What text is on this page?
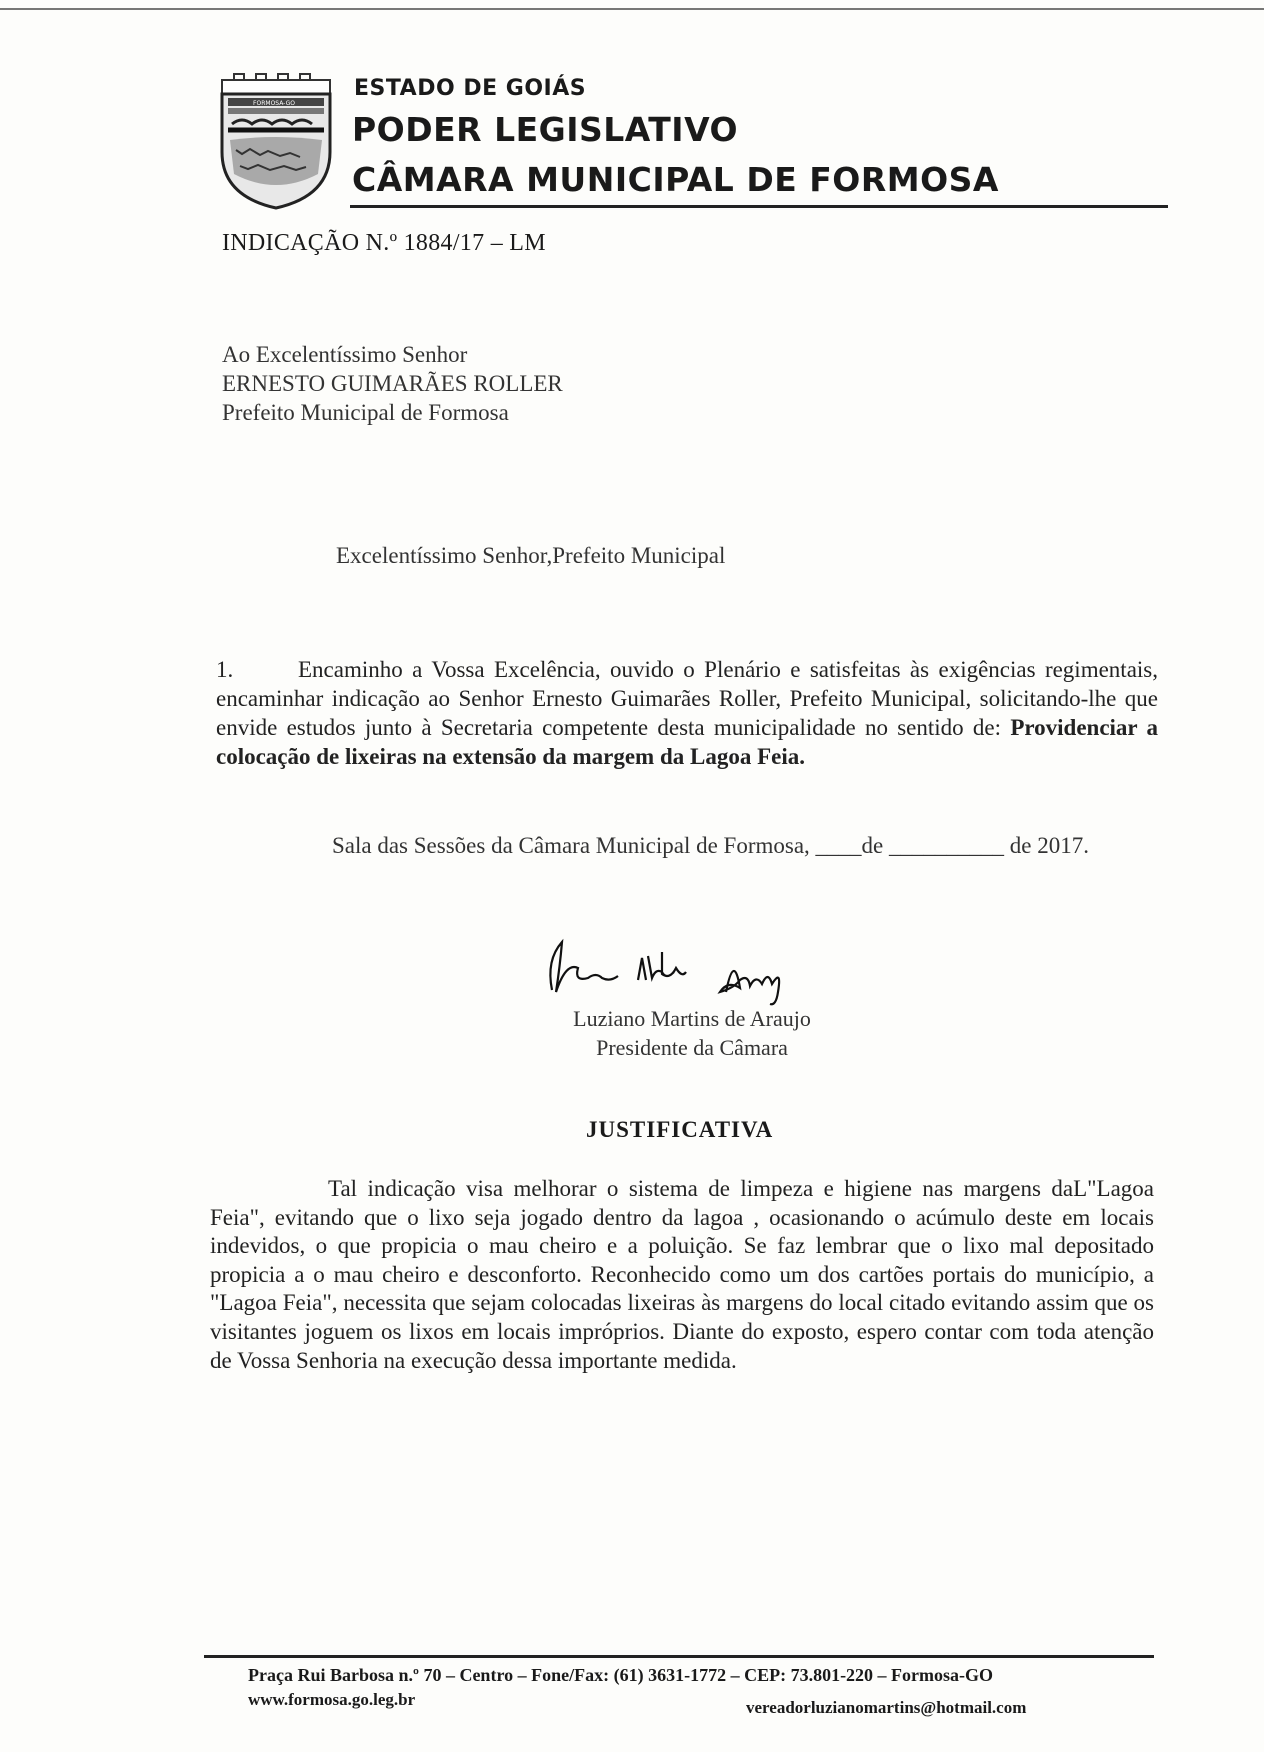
FORMOSA-GO
ESTADO DE GOIÁS
PODER LEGISLATIVO
CÂMARA MUNICIPAL DE FORMOSA
INDICAÇÃO N.º 1884/17 – LM
Ao Excelentíssimo Senhor
ERNESTO GUIMARÃES ROLLER
Prefeito Municipal de Formosa
Excelentíssimo Senhor,Prefeito Municipal
1.	Encaminho a Vossa Excelência, ouvido o Plenário e satisfeitas às exigências regimentais, encaminhar indicação ao Senhor Ernesto Guimarães Roller, Prefeito Municipal, solicitando-lhe que envide estudos junto à Secretaria competente desta municipalidade no sentido de: Providenciar a colocação de lixeiras na extensão da margem da Lagoa Feia.
Sala das Sessões da Câmara Municipal de Formosa, ____de __________ de 2017.
Luziano Martins de Araujo
Presidente da Câmara
JUSTIFICATIVA
Tal indicação visa melhorar o sistema de limpeza e higiene nas margens daL"Lagoa Feia", evitando que o lixo seja jogado dentro da lagoa , ocasionando o acúmulo deste em locais indevidos, o que propicia o mau cheiro e a poluição. Se faz lembrar que o lixo mal depositado propicia a o mau cheiro e desconforto. Reconhecido como um dos cartões portais do município, a "Lagoa Feia", necessita que sejam colocadas lixeiras às margens do local citado evitando assim que os visitantes joguem os lixos em locais impróprios. Diante do exposto, espero contar com toda atenção de Vossa Senhoria na execução dessa importante medida.
Praça Rui Barbosa n.º 70 – Centro – Fone/Fax: (61) 3631-1772 – CEP: 73.801-220 – Formosa-GO
www.formosa.go.leg.br	vereadorluzianomartins@hotmail.com
